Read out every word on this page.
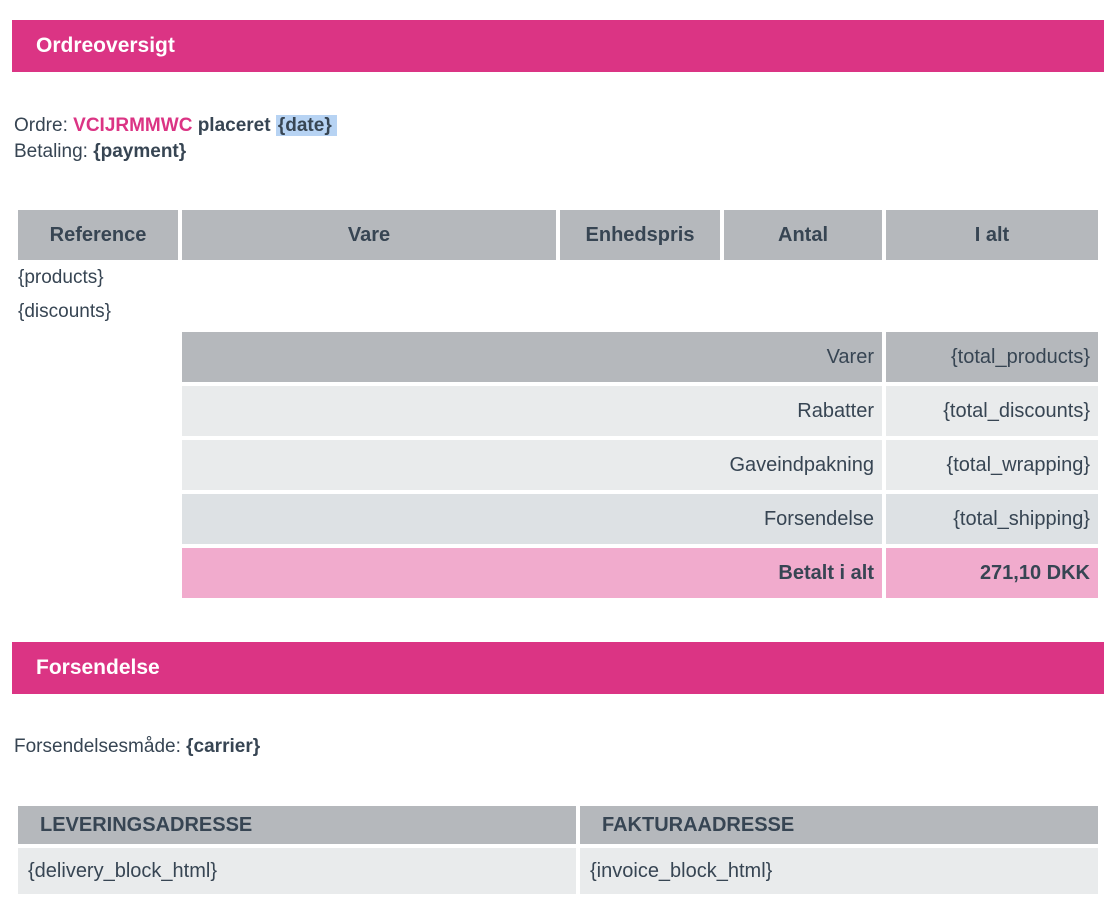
Ordreoversigt
Ordre: VCIJRMMWC placeret {date}
Betaling: {payment}
Reference	Vare	Enhedspris	Antal	I alt
{products}
{discounts}
Varer	{total_products}
Rabatter	{total_discounts}
Gaveindpakning	{total_wrapping}
Forsendelse	{total_shipping}
Betalt i alt	271,10 DKK
Forsendelse
Forsendelsesmåde: {carrier}
LEVERINGSADRESSE	FAKTURAADRESSE
{delivery_block_html}	{invoice_block_html}
